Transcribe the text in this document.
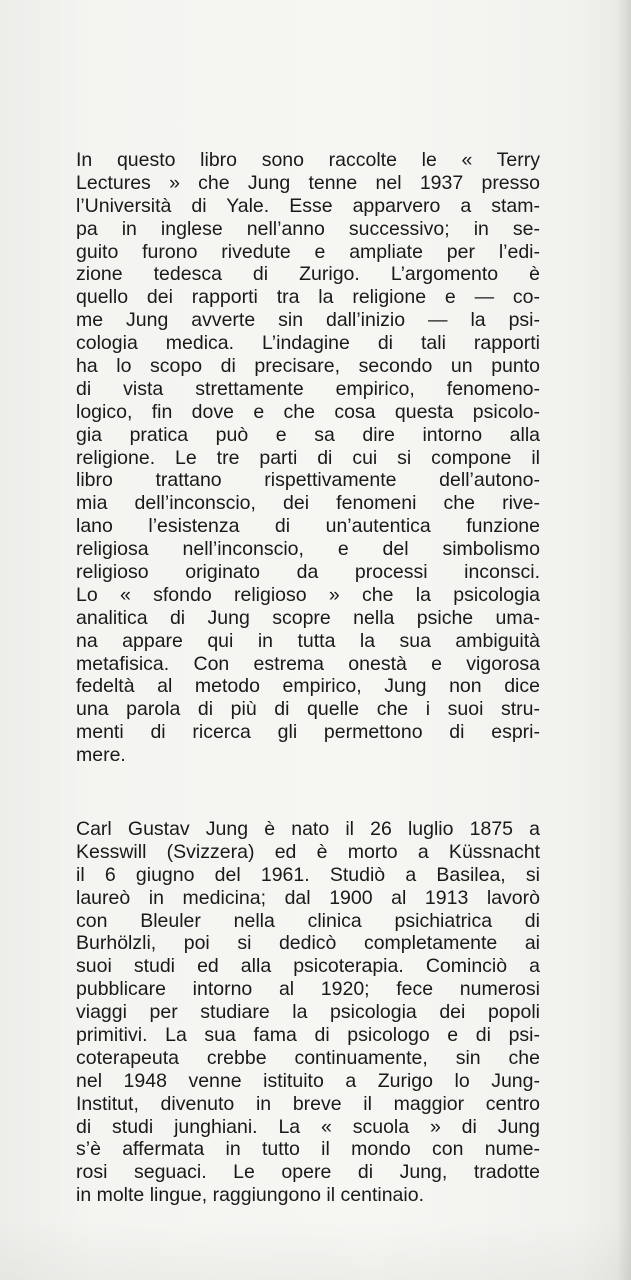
In questo libro sono raccolte le « Terry
Lectures » che Jung tenne nel 1937 presso
l’Università di Yale. Esse apparvero a stam-
pa in inglese nell’anno successivo; in se-
guito furono rivedute e ampliate per l’edi-
zione tedesca di Zurigo. L’argomento è
quello dei rapporti tra la religione e — co-
me Jung avverte sin dall’inizio — la psi-
cologia medica. L’indagine di tali rapporti
ha lo scopo di precisare, secondo un punto
di vista strettamente empirico, fenomeno-
logico, fin dove e che cosa questa psicolo-
gia pratica può e sa dire intorno alla
religione. Le tre parti di cui si compone il
libro trattano rispettivamente dell’autono-
mia dell’inconscio, dei fenomeni che rive-
lano l’esistenza di un’autentica funzione
religiosa nell’inconscio, e del simbolismo
religioso originato da processi inconsci.
Lo « sfondo religioso » che la psicologia
analitica di Jung scopre nella psiche uma-
na appare qui in tutta la sua ambiguità
metafisica. Con estrema onestà e vigorosa
fedeltà al metodo empirico, Jung non dice
una parola di più di quelle che i suoi stru-
menti di ricerca gli permettono di espri-
mere.
Carl Gustav Jung è nato il 26 luglio 1875 a
Kesswill (Svizzera) ed è morto a Küssnacht
il 6 giugno del 1961. Studiò a Basilea, si
laureò in medicina; dal 1900 al 1913 lavorò
con Bleuler nella clinica psichiatrica di
Burhölzli, poi si dedicò completamente ai
suoi studi ed alla psicoterapia. Cominciò a
pubblicare intorno al 1920; fece numerosi
viaggi per studiare la psicologia dei popoli
primitivi. La sua fama di psicologo e di psi-
coterapeuta crebbe continuamente, sin che
nel 1948 venne istituito a Zurigo lo Jung-
Institut, divenuto in breve il maggior centro
di studi junghiani. La « scuola » di Jung
s’è affermata in tutto il mondo con nume-
rosi seguaci. Le opere di Jung, tradotte
in molte lingue, raggiungono il centinaio.
